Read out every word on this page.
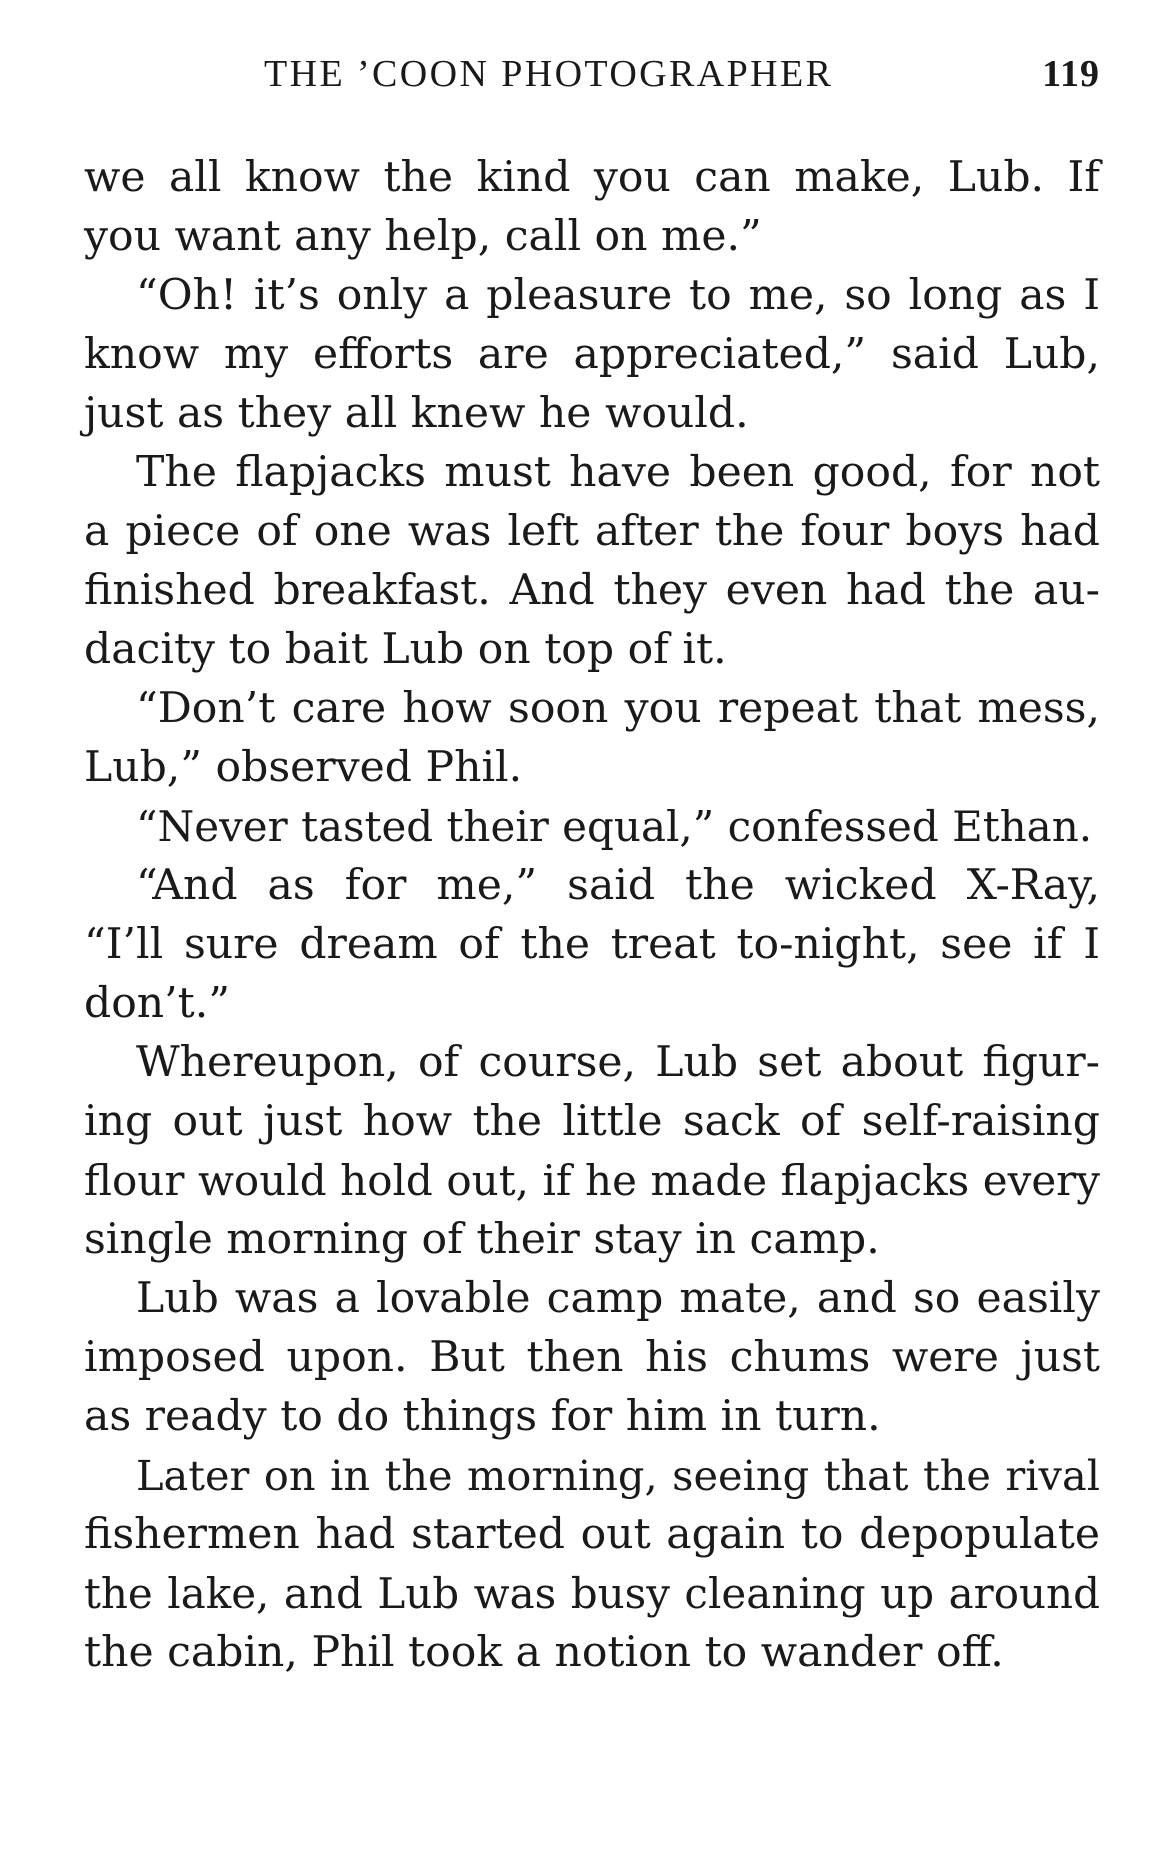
THE ’COON PHOTOGRAPHER	119
we all know the kind you can make, Lub. If
you want any help, call on me.”
“Oh! it’s only a pleasure to me, so long as I
know my efforts are appreciated,” said Lub,
just as they all knew he would.
The flapjacks must have been good, for not
a piece of one was left after the four boys had
finished breakfast. And they even had the au-
dacity to bait Lub on top of it.
“Don’t care how soon you repeat that mess,
Lub,” observed Phil.
“Never tasted their equal,” confessed Ethan.
“And as for me,” said the wicked X-Ray,
“I’ll sure dream of the treat to-night, see if I
don’t.”
Whereupon, of course, Lub set about figur-
ing out just how the little sack of self-raising
flour would hold out, if he made flapjacks every
single morning of their stay in camp.
Lub was a lovable camp mate, and so easily
imposed upon. But then his chums were just
as ready to do things for him in turn.
Later on in the morning, seeing that the rival
fishermen had started out again to depopulate
the lake, and Lub was busy cleaning up around
the cabin, Phil took a notion to wander off.
